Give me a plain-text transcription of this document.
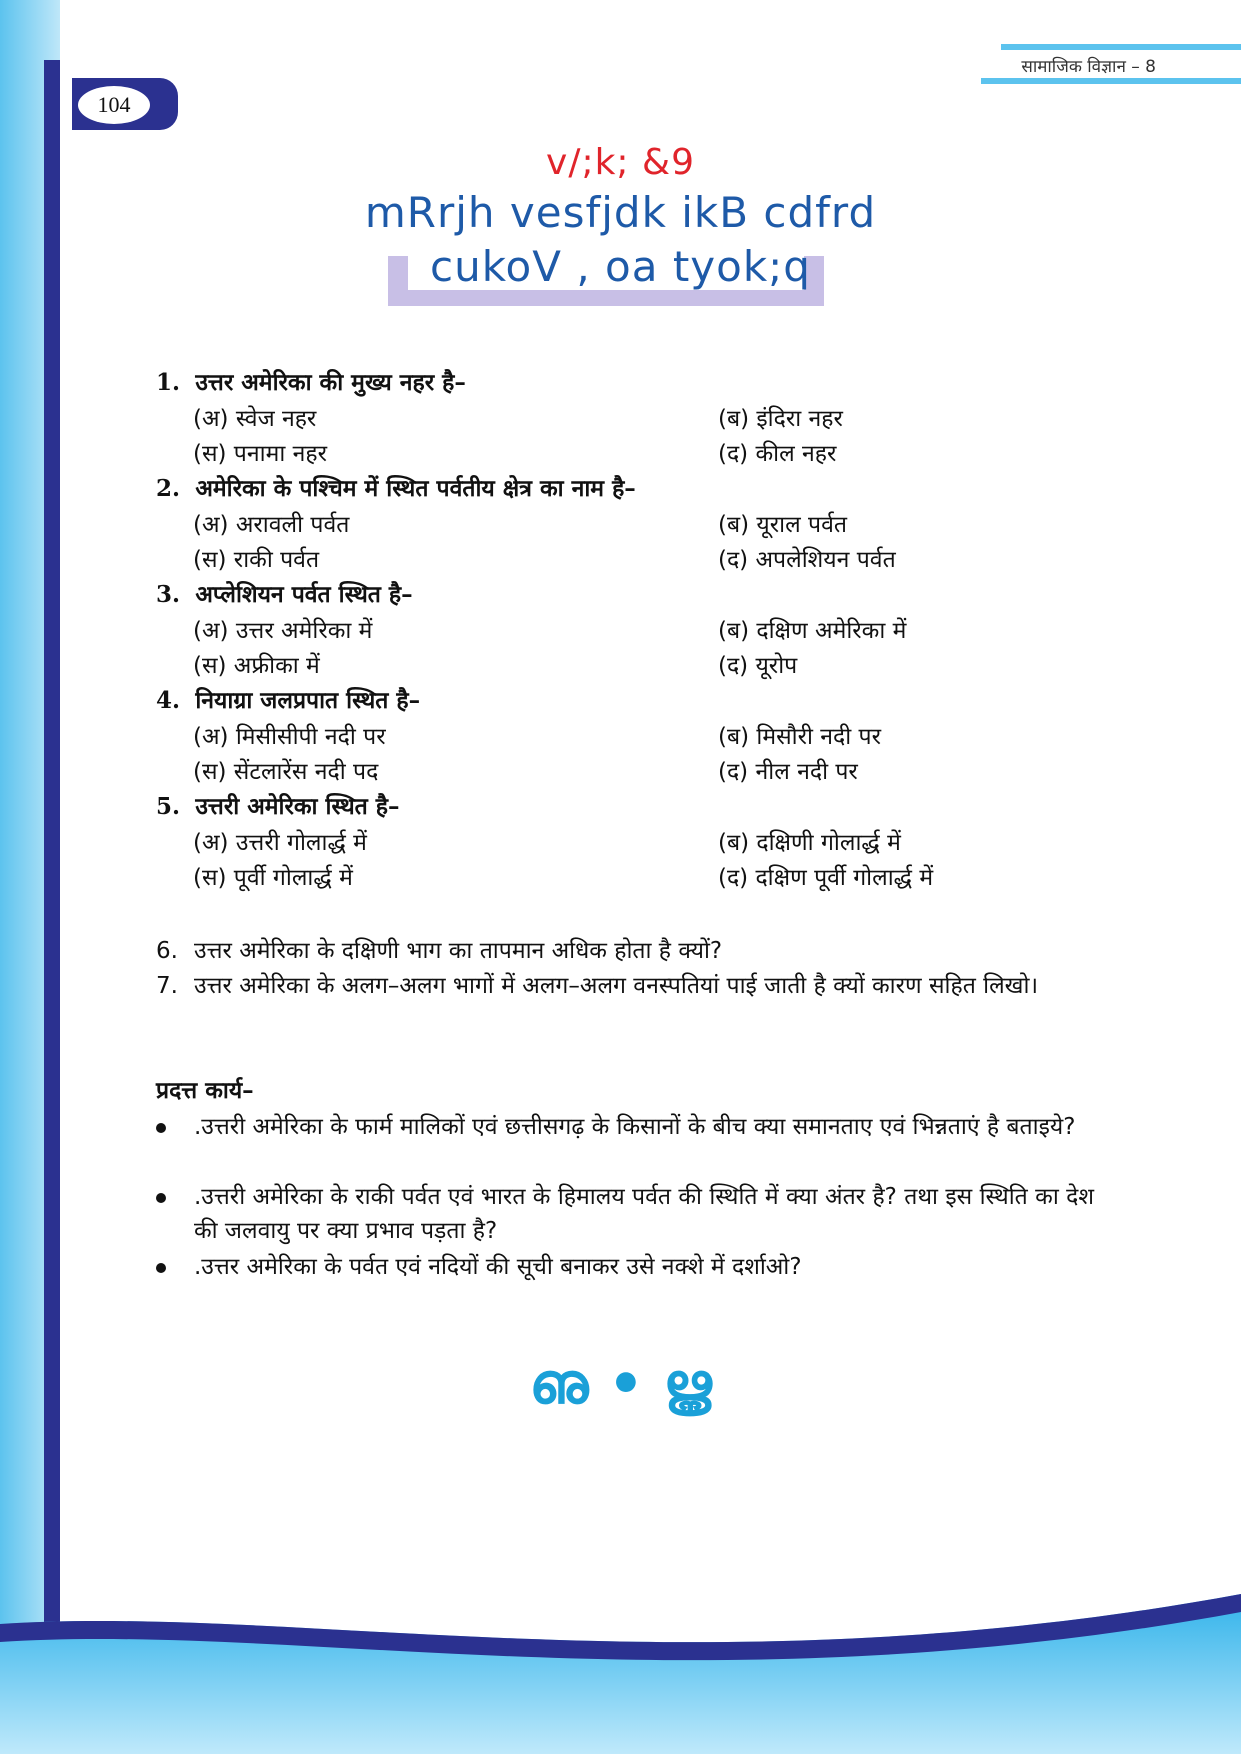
104
सामाजिक विज्ञान – 8
v/;k; &9
mRrjh vesfjdk ikB cdfrd
cukoV , oa tyok;q
1. उत्तर अमेरिका की मुख्य नहर है–
(अ) स्वेज नहर	(ब) इंदिरा नहर
(स) पनामा नहर	(द) कील नहर
2. अमेरिका के पश्चिम में स्थित पर्वतीय क्षेत्र का नाम है–
(अ) अरावली पर्वत	(ब) यूराल पर्वत
(स) राकी पर्वत	(द) अपलेशियन पर्वत
3. अप्लेशियन पर्वत स्थित है–
(अ) उत्तर अमेरिका में	(ब) दक्षिण अमेरिका में
(स) अफ्रीका में	(द) यूरोप
4. नियाग्रा जलप्रपात स्थित है–
(अ) मिसीसीपी नदी पर	(ब) मिसौरी नदी पर
(स) सेंटलारेंस नदी पद	(द) नील नदी पर
5. उत्तरी अमेरिका स्थित है–
(अ) उत्तरी गोलार्द्ध में	(ब) दक्षिणी गोलार्द्ध में
(स) पूर्वी गोलार्द्ध में	(द) दक्षिण पूर्वी गोलार्द्ध में
6. उत्तर अमेरिका के दक्षिणी भाग का तापमान अधिक होता है क्यों?
7. उत्तर अमेरिका के अलग–अलग भागों में अलग–अलग वनस्पतियां पाई जाती है क्यों कारण सहित लिखो।
प्रदत्त कार्य–
.उत्तरी अमेरिका के फार्म मालिकों एवं छत्तीसगढ़ के किसानों के बीच क्या समानताए एवं भिन्नताएं है बताइये?
.उत्तरी अमेरिका के राकी पर्वत एवं भारत के हिमालय पर्वत की स्थिति में क्या अंतर है? तथा इस स्थिति का देश की जलवायु पर क्या प्रभाव पड़ता है?
.उत्तर अमेरिका के पर्वत एवं नदियों की सूची बनाकर उसे नक्शे में दर्शाओ?
ഌ • ൠ
